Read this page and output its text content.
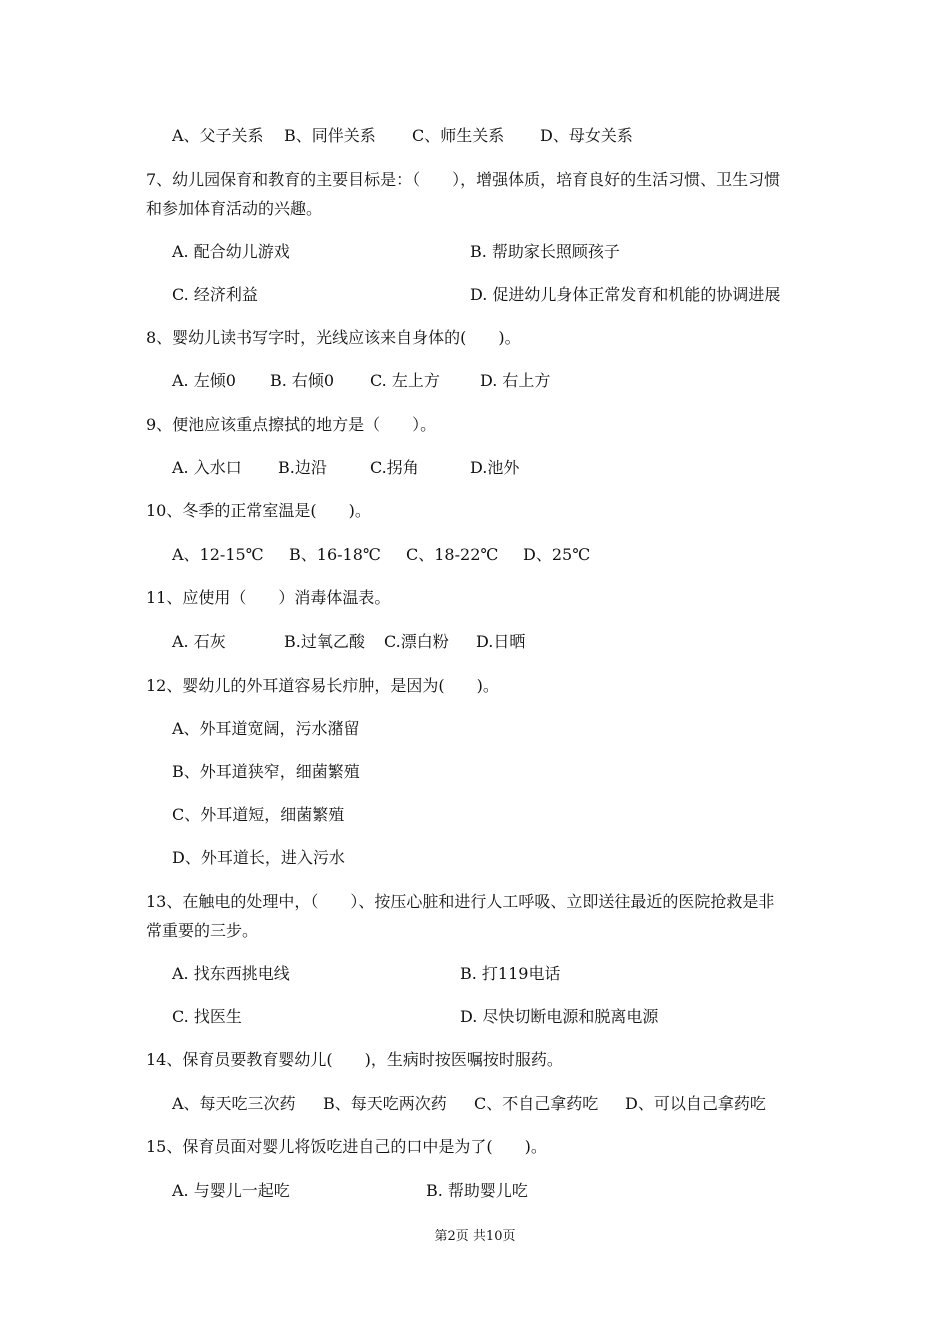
A、父子关系 B、同伴关系 C、师生关系 D、母女关系
7、幼儿园保育和教育的主要目标是：（　　），增强体质，培育良好的生活习惯、卫生习惯
和参加体育活动的兴趣。
A. 配合幼儿游戏	B. 帮助家长照顾孩子
C. 经济利益	D. 促进幼儿身体正常发育和机能的协调进展
8、婴幼儿读书写字时，光线应该来自身体的(　　)。
A. 左倾0 B. 右倾0 C. 左上方	D. 右上方
9、便池应该重点擦拭的地方是（　　）。
A. 入水口 B.边沿	C.拐角	D.池外
10、冬季的正常室温是(　　)。
A、12-15℃ B、16-18℃ C、18-22℃ D、25℃
11、应使用（　　）消毒体温表。
A. 石灰	B.过氧乙酸 C.漂白粉 D.日晒
12、婴幼儿的外耳道容易长疖肿，是因为(　　)。
A、外耳道宽阔，污水潴留
B、外耳道狭窄，细菌繁殖
C、外耳道短，细菌繁殖
D、外耳道长，进入污水
13、在触电的处理中，（　　）、按压心脏和进行人工呼吸、立即送往最近的医院抢救是非
常重要的三步。
A. 找东西挑电线	B. 打119电话
C. 找医生	D. 尽快切断电源和脱离电源
14、保育员要教育婴幼儿(　　)，生病时按医嘱按时服药。
A、每天吃三次药 B、每天吃两次药 C、不自己拿药吃 D、可以自己拿药吃
15、保育员面对婴儿将饭吃进自己的口中是为了(　　)。
A. 与婴儿一起吃	B. 帮助婴儿吃
第2页 共10页
